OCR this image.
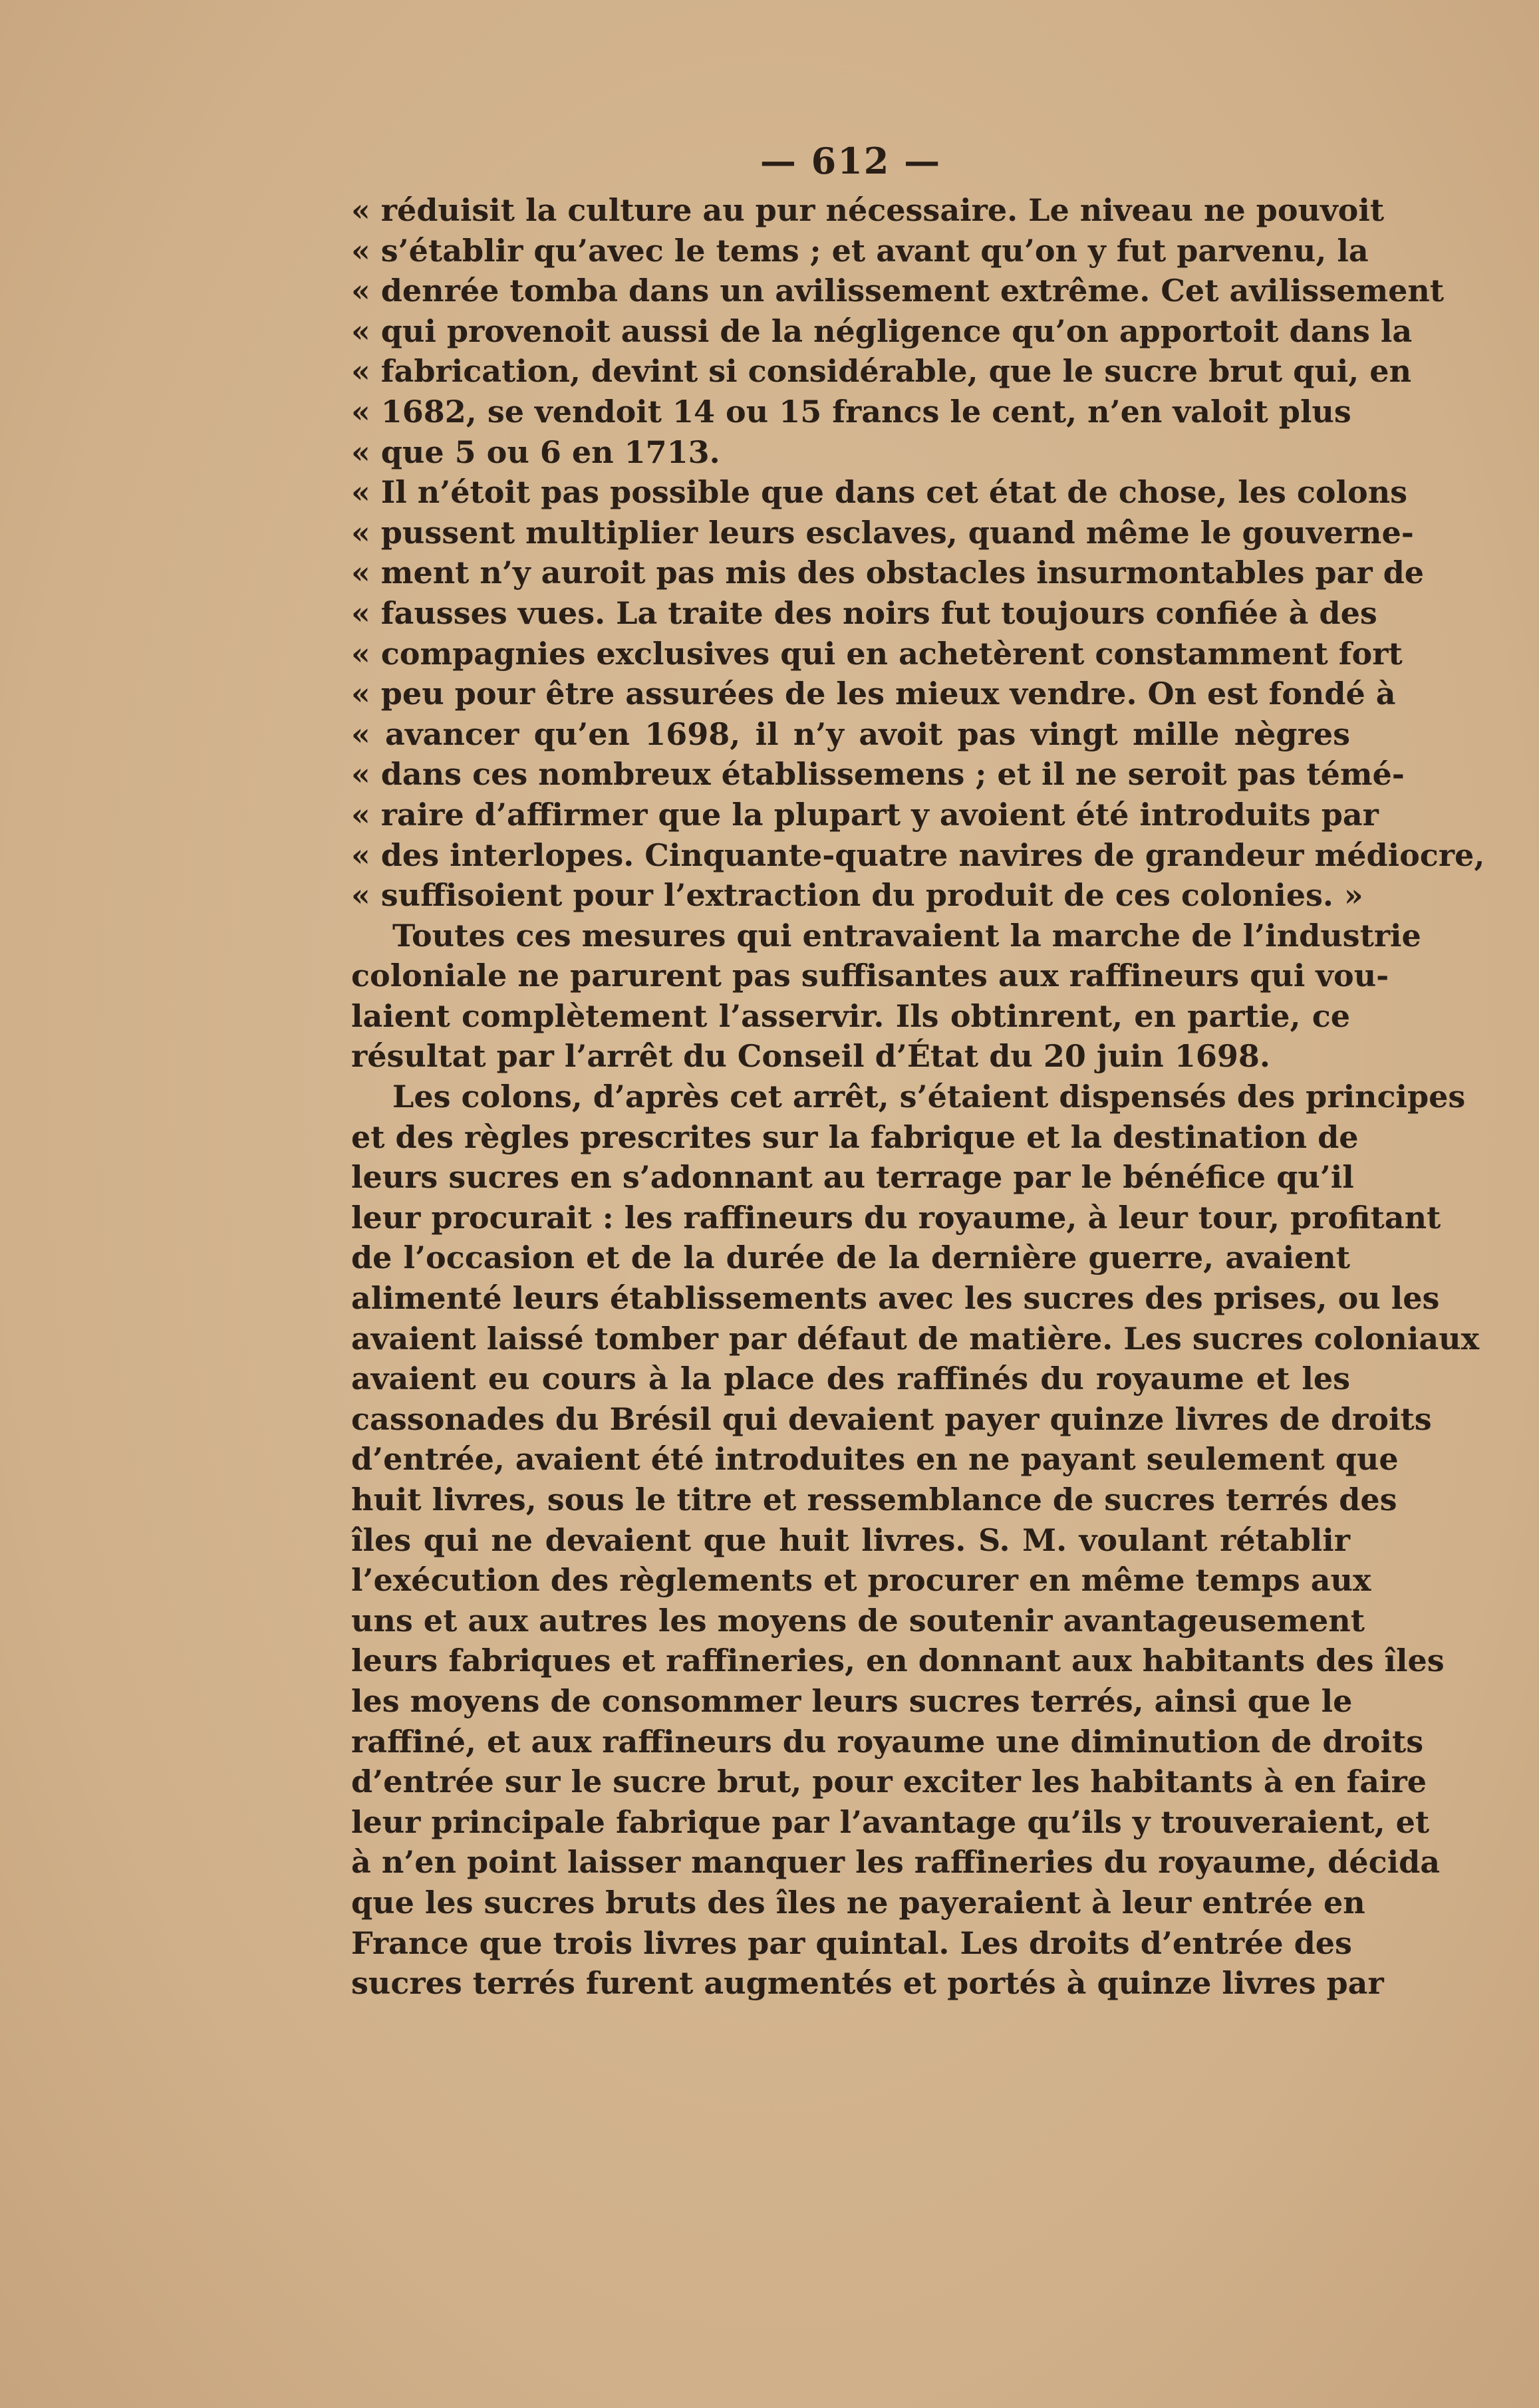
— 612 —
« réduisit la culture au pur nécessaire. Le niveau ne pouvoit
« s’établir qu’avec le tems ; et avant qu’on y fut parvenu, la
« denrée tomba dans un avilissement extrême. Cet avilissement
« qui provenoit aussi de la négligence qu’on apportoit dans la
« fabrication, devint si considérable, que le sucre brut qui, en
« 1682, se vendoit 14 ou 15 francs le cent, n’en valoit plus
« que 5 ou 6 en 1713.
« Il n’étoit pas possible que dans cet état de chose, les colons
« pussent multiplier leurs esclaves, quand même le gouverne-
« ment n’y auroit pas mis des obstacles insurmontables par de
« fausses vues. La traite des noirs fut toujours confiée à des
« compagnies exclusives qui en achetèrent constamment fort
« peu pour être assurées de les mieux vendre. On est fondé à
« avancer qu’en 1698, il n’y avoit pas vingt mille nègres
« dans ces nombreux établissemens ; et il ne seroit pas témé-
« raire d’affirmer que la plupart y avoient été introduits par
« des interlopes. Cinquante-quatre navires de grandeur médiocre,
« suffisoient pour l’extraction du produit de ces colonies. »
Toutes ces mesures qui entravaient la marche de l’industrie
coloniale ne parurent pas suffisantes aux raffineurs qui vou-
laient complètement l’asservir. Ils obtinrent, en partie, ce
résultat par l’arrêt du Conseil d’État du 20 juin 1698.
Les colons, d’après cet arrêt, s’étaient dispensés des principes
et des règles prescrites sur la fabrique et la destination de
leurs sucres en s’adonnant au terrage par le bénéfice qu’il
leur procurait : les raffineurs du royaume, à leur tour, profitant
de l’occasion et de la durée de la dernière guerre, avaient
alimenté leurs établissements avec les sucres des prises, ou les
avaient laissé tomber par défaut de matière. Les sucres coloniaux
avaient eu cours à la place des raffinés du royaume et les
cassonades du Brésil qui devaient payer quinze livres de droits
d’entrée, avaient été introduites en ne payant seulement que
huit livres, sous le titre et ressemblance de sucres terrés des
îles qui ne devaient que huit livres. S. M. voulant rétablir
l’exécution des règlements et procurer en même temps aux
uns et aux autres les moyens de soutenir avantageusement
leurs fabriques et raffineries, en donnant aux habitants des îles
les moyens de consommer leurs sucres terrés, ainsi que le
raffiné, et aux raffineurs du royaume une diminution de droits
d’entrée sur le sucre brut, pour exciter les habitants à en faire
leur principale fabrique par l’avantage qu’ils y trouveraient, et
à n’en point laisser manquer les raffineries du royaume, décida
que les sucres bruts des îles ne payeraient à leur entrée en
France que trois livres par quintal. Les droits d’entrée des
sucres terrés furent augmentés et portés à quinze livres par
